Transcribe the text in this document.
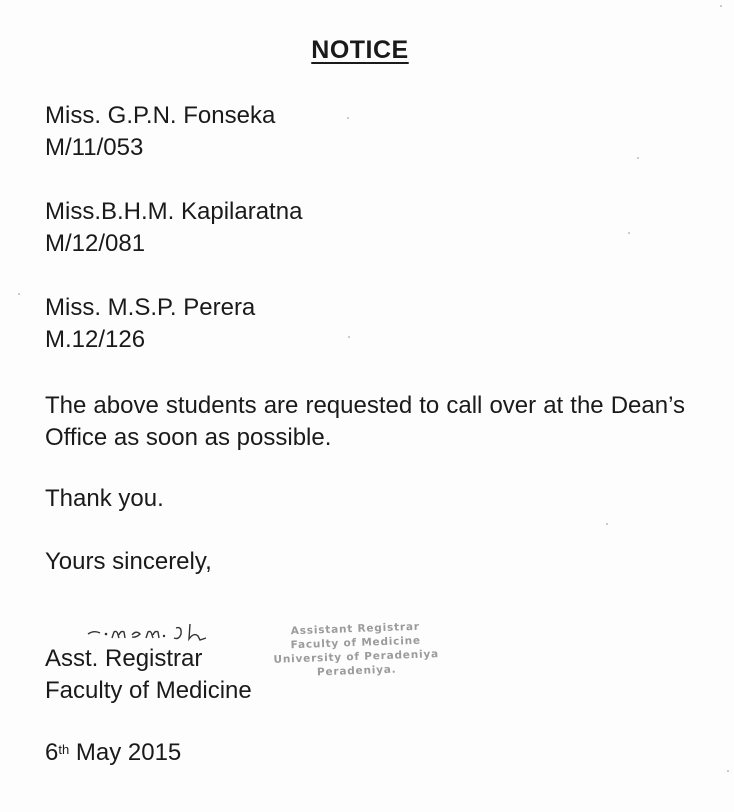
NOTICE
Miss. G.P.N. Fonseka
M/11/053
Miss.B.H.M. Kapilaratna
M/12/081
Miss. M.S.P. Perera
M.12/126
The above students are requested to call over at the Dean’s Office as soon as possible.
Thank you.
Yours sincerely,
Asst. Registrar
Faculty of Medicine
Assistant Registrar
Faculty of Medicine
University of Peradeniya
Peradeniya.
6th May 2015
